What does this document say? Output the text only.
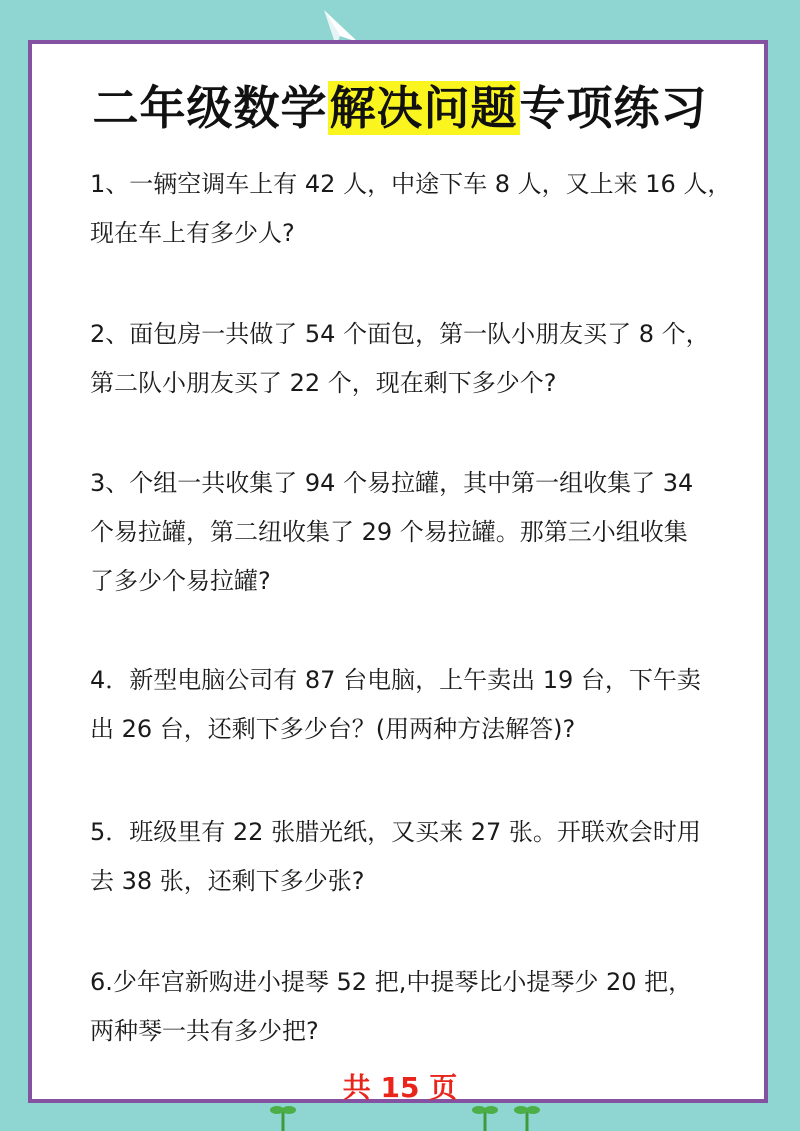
二年级数学解决问题专项练习
1、一辆空调车上有 42 人，中途下车 8 人，又上来 16 人，
现在车上有多少人?
2、面包房一共做了 54 个面包，第一队小朋友买了 8 个，
第二队小朋友买了 22 个，现在剩下多少个?
3、个组一共收集了 94 个易拉罐，其中第一组收集了 34
个易拉罐，第二纽收集了 29 个易拉罐。那第三小组收集
了多少个易拉罐?
4．新型电脑公司有 87 台电脑，上午卖出 19 台，下午卖
出 26 台，还剩下多少台？(用两种方法解答)?
5．班级里有 22 张腊光纸，又买来 27 张。开联欢会时用
去 38 张，还剩下多少张?
6.少年宫新购进小提琴 52 把,中提琴比小提琴少 20 把，
两种琴一共有多少把?
共 15 页
